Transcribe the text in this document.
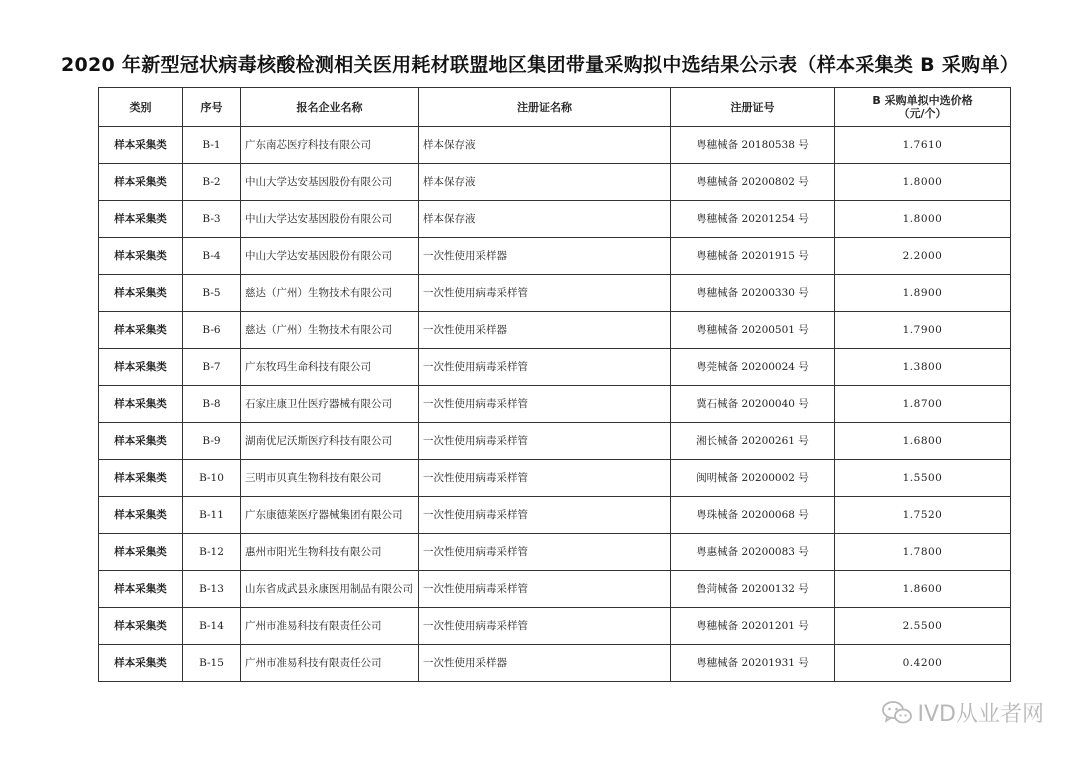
2020 年新型冠状病毒核酸检测相关医用耗材联盟地区集团带量采购拟中选结果公示表（样本采集类 B 采购单）
类别	序号	报名企业名称	注册证名称	注册证号	B 采购单拟中选价格
（元/个）

样本采集类	B-1	广东南芯医疗科技有限公司	样本保存液	粤穗械备 20180538 号	1.7610
样本采集类	B-2	中山大学达安基因股份有限公司	样本保存液	粤穗械备 20200802 号	1.8000
样本采集类	B-3	中山大学达安基因股份有限公司	样本保存液	粤穗械备 20201254 号	1.8000
样本采集类	B-4	中山大学达安基因股份有限公司	一次性使用采样器	粤穗械备 20201915 号	2.2000
样本采集类	B-5	慈达（广州）生物技术有限公司	一次性使用病毒采样管	粤穗械备 20200330 号	1.8900
样本采集类	B-6	慈达（广州）生物技术有限公司	一次性使用采样器	粤穗械备 20200501 号	1.7900
样本采集类	B-7	广东牧玛生命科技有限公司	一次性使用病毒采样管	粤莞械备 20200024 号	1.3800
样本采集类	B-8	石家庄康卫仕医疗器械有限公司	一次性使用病毒采样管	冀石械备 20200040 号	1.8700
样本采集类	B-9	湖南优尼沃斯医疗科技有限公司	一次性使用病毒采样管	湘长械备 20200261 号	1.6800
样本采集类	B-10	三明市贝真生物科技有限公司	一次性使用病毒采样管	闽明械备 20200002 号	1.5500
样本采集类	B-11	广东康德莱医疗器械集团有限公司	一次性使用病毒采样管	粤珠械备 20200068 号	1.7520
样本采集类	B-12	惠州市阳光生物科技有限公司	一次性使用病毒采样管	粤惠械备 20200083 号	1.7800
样本采集类	B-13	山东省成武县永康医用制品有限公司	一次性使用病毒采样管	鲁菏械备 20200132 号	1.8600
样本采集类	B-14	广州市准易科技有限责任公司	一次性使用病毒采样管	粤穗械备 20201201 号	2.5500
样本采集类	B-15	广州市准易科技有限责任公司	一次性使用采样器	粤穗械备 20201931 号	0.4200
IVD从业者网
